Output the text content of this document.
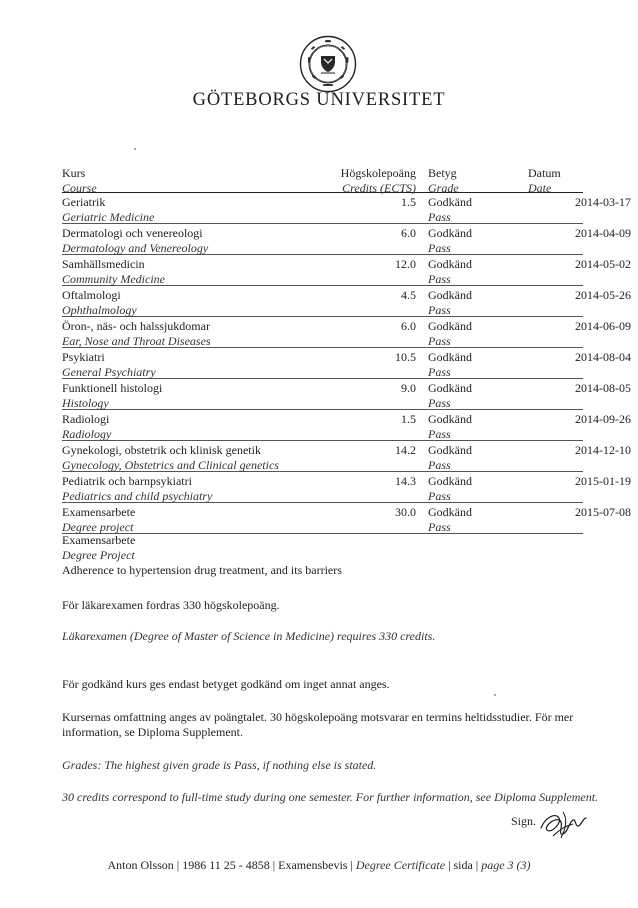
GÖTEBORGS UNIVERSITET
Kurs
Course
Högskolepoäng
Credits (ECTS)
Betyg
Grade
Datum
Date
Geriatrik
Geriatric Medicine
1.5 Godkänd
Pass
2014-03-17
Dermatologi och venereologi
Dermatology and Venereology
6.0 Godkänd
Pass
2014-04-09
Samhällsmedicin
Community Medicine
12.0 Godkänd
Pass
2014-05-02
Oftalmologi
Ophthalmology
4.5 Godkänd
Pass
2014-05-26
Öron-, näs- och halssjukdomar
Ear, Nose and Throat Diseases
6.0 Godkänd
Pass
2014-06-09
Psykiatri
General Psychiatry
10.5 Godkänd
Pass
2014-08-04
Funktionell histologi
Histology
9.0 Godkänd
Pass
2014-08-05
Radiologi
Radiology
1.5 Godkänd
Pass
2014-09-26
Gynekologi, obstetrik och klinisk genetik
Gynecology, Obstetrics and Clinical genetics
14.2 Godkänd
Pass
2014-12-10
Pediatrik och barnpsykiatri
Pediatrics and child psychiatry
14.3 Godkänd
Pass
2015-01-19
Examensarbete
Degree project
30.0 Godkänd
Pass
2015-07-08
Examensarbete
Degree Project
Adherence to hypertension drug treatment, and its barriers
För läkarexamen fordras 330 högskolepoäng.
Läkarexamen (Degree of Master of Science in Medicine) requires 330 credits.
För godkänd kurs ges endast betyget godkänd om inget annat anges.
Kursernas omfattning anges av poängtalet. 30 högskolepoäng motsvarar en termins heltidsstudier. För mer information, se Diploma Supplement.
Grades: The highest given grade is Pass, if nothing else is stated.
30 credits correspond to full-time study during one semester. For further information, see Diploma Supplement.
Sign.
Anton Olsson | 1986 11 25 - 4858 | Examensbevis | Degree Certificate | sida | page 3 (3)
